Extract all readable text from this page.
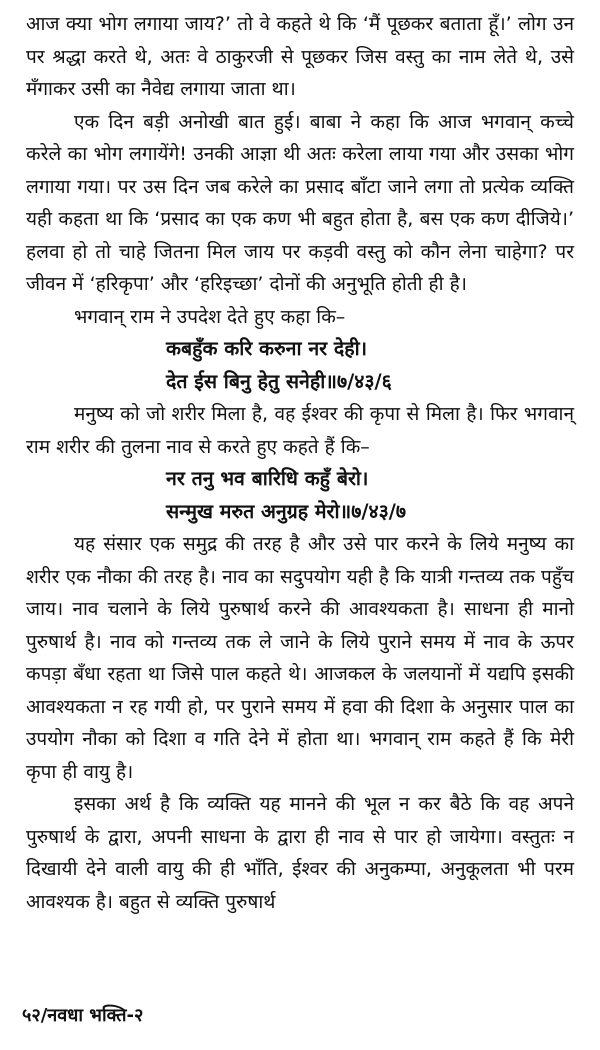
आज क्या भोग लगाया जाय?’ तो वे कहते थे कि ‘मैं पूछकर बताता हूँ।’ लोग उन पर श्रद्धा करते थे, अतः वे ठाकुरजी से पूछकर जिस वस्तु का नाम लेते थे, उसे मँगाकर उसी का नैवेद्य लगाया जाता था।

एक दिन बड़ी अनोखी बात हुई। बाबा ने कहा कि आज भगवान् कच्चे करेले का भोग लगायेंगे! उनकी आज्ञा थी अतः करेला लाया गया और उसका भोग लगाया गया। पर उस दिन जब करेले का प्रसाद बाँटा जाने लगा तो प्रत्येक व्यक्ति यही कहता था कि ‘प्रसाद का एक कण भी बहुत होता है, बस एक कण दीजिये।’ हलवा हो तो चाहे जितना मिल जाय पर कड़वी वस्तु को कौन लेना चाहेगा? पर जीवन में ‘हरिकृपा’ और ‘हरिइच्छा’ दोनों की अनुभूति होती ही है।

भगवान् राम ने उपदेश देते हुए कहा कि–

कबहुँक करि करुना नर देही।

देत ईस बिनु हेतु सनेही॥७/४३/६

मनुष्य को जो शरीर मिला है, वह ईश्वर की कृपा से मिला है। फिर भगवान् राम शरीर की तुलना नाव से करते हुए कहते हैं कि–

नर तनु भव बारिधि कहुँ बेरो।

सन्मुख मरुत अनुग्रह मेरो॥७/४३/७

यह संसार एक समुद्र की तरह है और उसे पार करने के लिये मनुष्य का शरीर एक नौका की तरह है। नाव का सदुपयोग यही है कि यात्री गन्तव्य तक पहुँच जाय। नाव चलाने के लिये पुरुषार्थ करने की आवश्यकता है। साधना ही मानो पुरुषार्थ है। नाव को गन्तव्य तक ले जाने के लिये पुराने समय में नाव के ऊपर कपड़ा बँधा रहता था जिसे पाल कहते थे। आजकल के जलयानों में यद्यपि इसकी आवश्यकता न रह गयी हो, पर पुराने समय में हवा की दिशा के अनुसार पाल का उपयोग नौका को दिशा व गति देने में होता था। भगवान् राम कहते हैं कि मेरी कृपा ही वायु है।

इसका अर्थ है कि व्यक्ति यह मानने की भूल न कर बैठे कि वह अपने पुरुषार्थ के द्वारा, अपनी साधना के द्वारा ही नाव से पार हो जायेगा। वस्तुतः न दिखायी देने वाली वायु की ही भाँति, ईश्वर की अनुकम्पा, अनुकूलता भी परम आवश्यक है। बहुत से व्यक्ति पुरुषार्थ

५२/नवधा भक्ति-२
